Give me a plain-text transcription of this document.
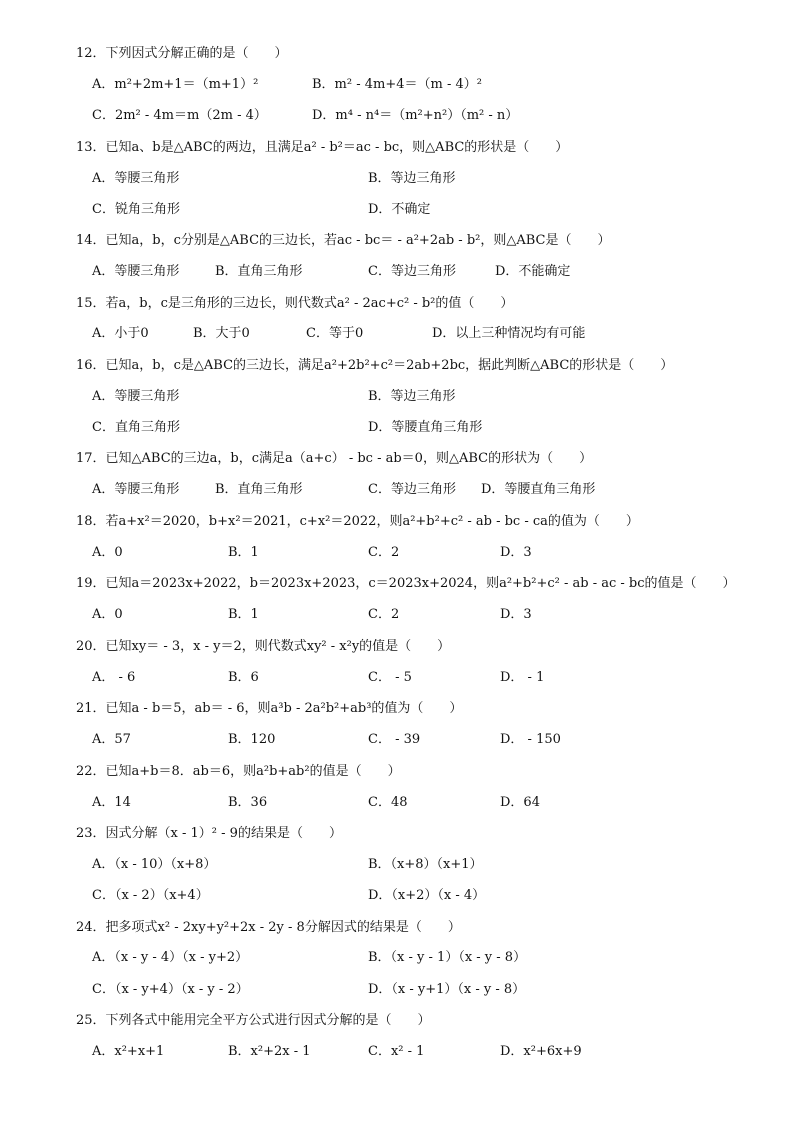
12．下列因式分解正确的是（　　）
A．m²+2m+1＝（m+1）²	B．m² - 4m+4＝（m - 4）²
C．2m² - 4m＝m（2m - 4）	D．m⁴ - n⁴＝（m²+n²）（m² - n）
13．已知a、b是△ABC的两边，且满足a² - b²＝ac - bc，则△ABC的形状是（　　）
A．等腰三角形	B．等边三角形
C．锐角三角形	D．不确定
14．已知a，b，c分别是△ABC的三边长，若ac - bc＝ - a²+2ab - b²，则△ABC是（　　）
A．等腰三角形	B．直角三角形	C．等边三角形	D．不能确定
15．若a，b，c是三角形的三边长，则代数式a² - 2ac+c² - b²的值（　　）
A．小于0	B．大于0	C．等于0	D．以上三种情况均有可能
16．已知a，b，c是△ABC的三边长，满足a²+2b²+c²＝2ab+2bc，据此判断△ABC的形状是（　　）
A．等腰三角形	B．等边三角形
C．直角三角形	D．等腰直角三角形
17．已知△ABC的三边a，b，c满足a（a+c） - bc - ab＝0，则△ABC的形状为（　　）
A．等腰三角形	B．直角三角形	C．等边三角形 D．等腰直角三角形
18．若a+x²＝2020，b+x²＝2021，c+x²＝2022，则a²+b²+c² - ab - bc - ca的值为（　　）
A．0	B．1	C．2	D．3
19．已知a＝2023x+2022，b＝2023x+2023，c＝2023x+2024，则a²+b²+c² - ab - ac - bc的值是（　　）
A．0	B．1	C．2	D．3
20．已知xy＝ - 3，x - y＝2，则代数式xy² - x²y的值是（　　）
A． - 6	B．6	C． - 5	D． - 1
21．已知a - b＝5，ab＝ - 6，则a³b - 2a²b²+ab³的值为（　　）
A．57	B．120	C． - 39	D． - 150
22．已知a+b＝8．ab＝6，则a²b+ab²的值是（　　）
A．14	B．36	C．48	D．64
23．因式分解（x - 1）² - 9的结果是（　　）
A．（x - 10）（x+8）	B．（x+8）（x+1）
C．（x - 2）（x+4）	D．（x+2）（x - 4）
24．把多项式x² - 2xy+y²+2x - 2y - 8分解因式的结果是（　　）
A．（x - y - 4）（x - y+2）	B．（x - y - 1）（x - y - 8）
C．（x - y+4）（x - y - 2）	D．（x - y+1）（x - y - 8）
25．下列各式中能用完全平方公式进行因式分解的是（　　）
A．x²+x+1	B．x²+2x - 1	C．x² - 1	D．x²+6x+9
